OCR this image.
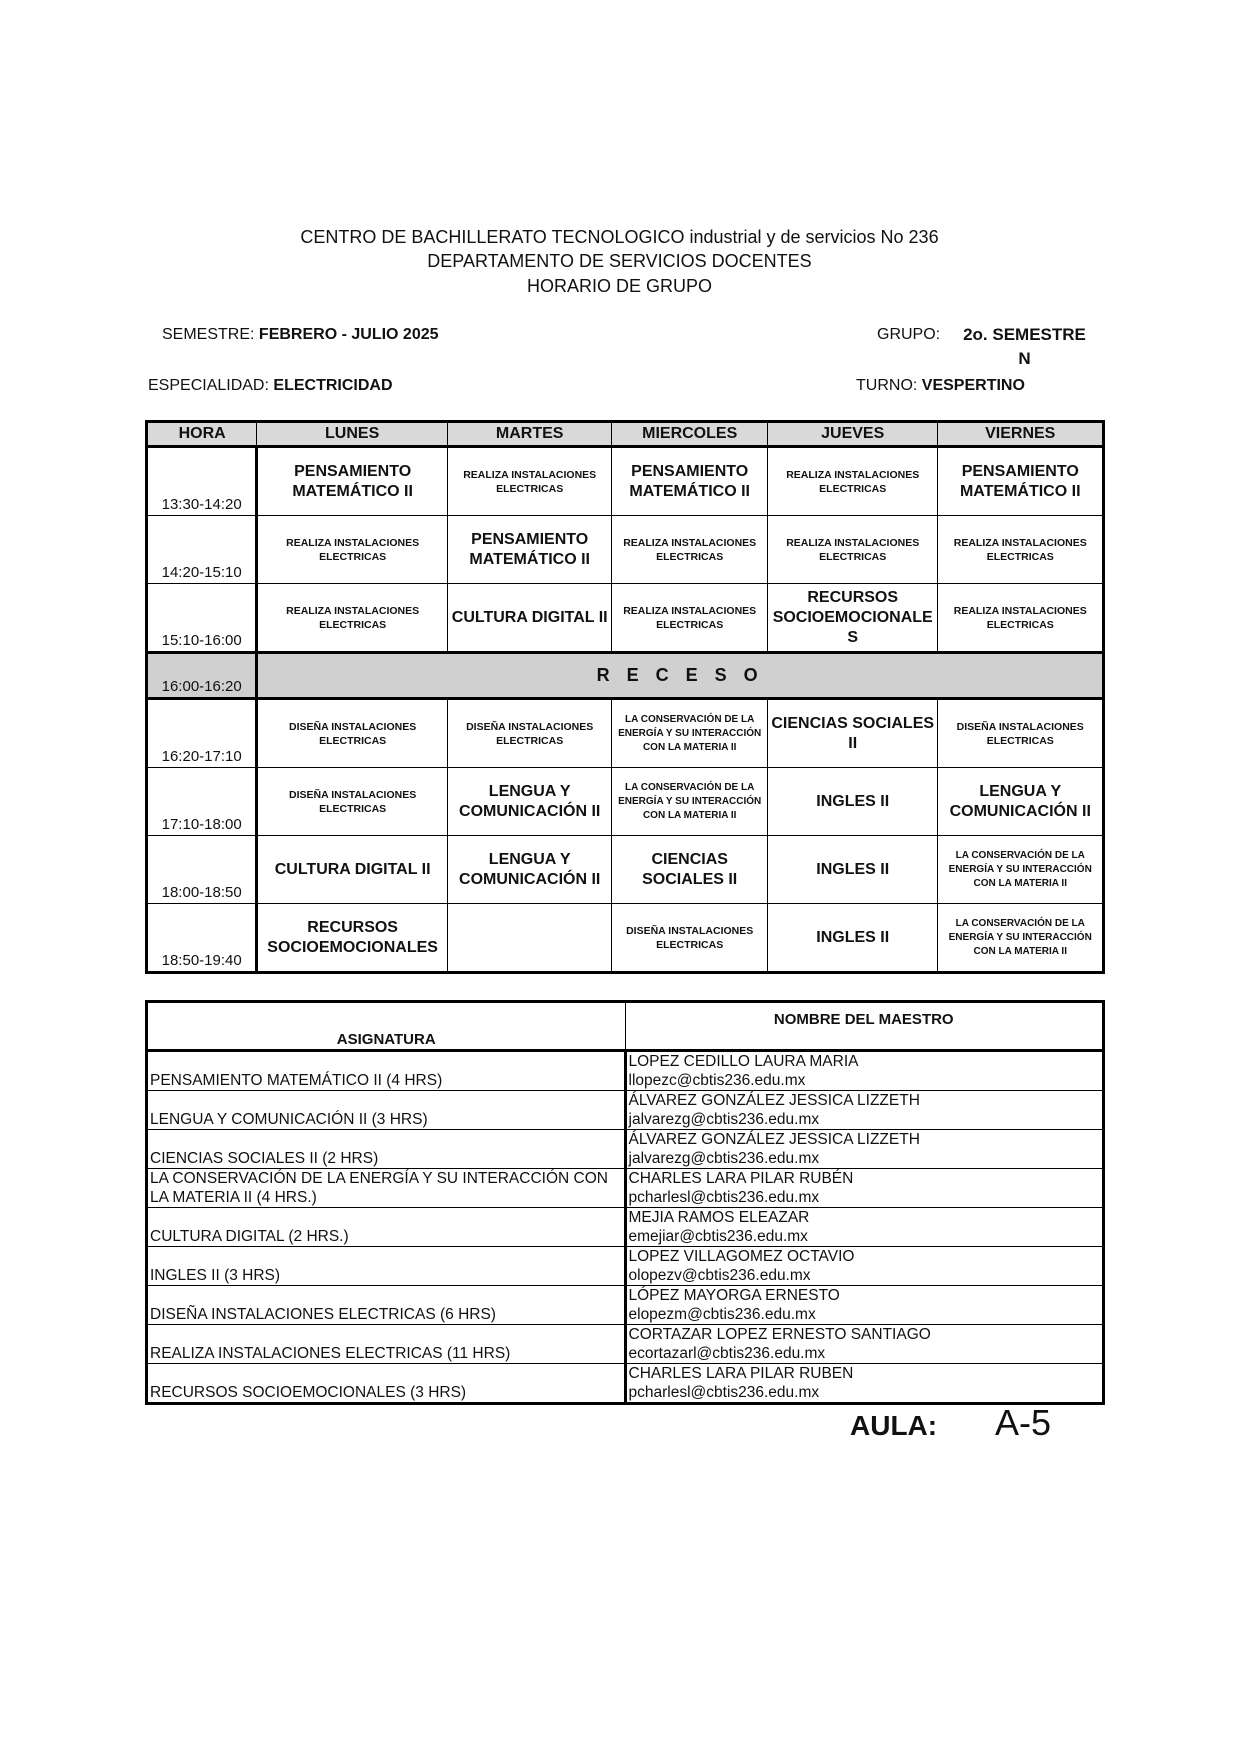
CENTRO DE BACHILLERATO TECNOLOGICO industrial y de servicios No 236
DEPARTAMENTO DE SERVICIOS DOCENTES
HORARIO DE GRUPO
SEMESTRE: FEBRERO - JULIO 2025	GRUPO:	2o. SEMESTRE N
ESPECIALIDAD: ELECTRICIDAD	TURNO: VESPERTINO
HORA	LUNES	MARTES	MIERCOLES	JUEVES	VIERNES
13:30-14:20	PENSAMIENTO MATEMÁTICO II	REALIZA INSTALACIONES ELECTRICAS	PENSAMIENTO MATEMÁTICO II	REALIZA INSTALACIONES ELECTRICAS	PENSAMIENTO MATEMÁTICO II
14:20-15:10	REALIZA INSTALACIONES ELECTRICAS	PENSAMIENTO MATEMÁTICO II	REALIZA INSTALACIONES ELECTRICAS	REALIZA INSTALACIONES ELECTRICAS	REALIZA INSTALACIONES ELECTRICAS
15:10-16:00	REALIZA INSTALACIONES ELECTRICAS	CULTURA DIGITAL II	REALIZA INSTALACIONES ELECTRICAS	RECURSOS SOCIOEMOCIONALE S	REALIZA INSTALACIONES ELECTRICAS
16:00-16:20	R E C E S O				
16:20-17:10	DISEÑA INSTALACIONES ELECTRICAS	DISEÑA INSTALACIONES ELECTRICAS	LA CONSERVACIÓN DE LA ENERGÍA Y SU INTERACCIÓN CON LA MATERIA II	CIENCIAS SOCIALES II	DISEÑA INSTALACIONES ELECTRICAS
17:10-18:00	DISEÑA INSTALACIONES ELECTRICAS	LENGUA Y COMUNICACIÓN II	LA CONSERVACIÓN DE LA ENERGÍA Y SU INTERACCIÓN CON LA MATERIA II	INGLES II	LENGUA Y COMUNICACIÓN II
18:00-18:50	CULTURA DIGITAL II	LENGUA Y COMUNICACIÓN II	CIENCIAS SOCIALES II	INGLES II	LA CONSERVACIÓN DE LA ENERGÍA Y SU INTERACCIÓN CON LA MATERIA II
18:50-19:40	RECURSOS SOCIOEMOCIONALES		DISEÑA INSTALACIONES ELECTRICAS	INGLES II	LA CONSERVACIÓN DE LA ENERGÍA Y SU INTERACCIÓN CON LA MATERIA II
ASIGNATURA	NOMBRE DEL MAESTRO
PENSAMIENTO MATEMÁTICO II (4 HRS)	LOPEZ CEDILLO LAURA MARIA
llopezc@cbtis236.edu.mx

LENGUA Y COMUNICACIÓN II (3 HRS)	ÁLVAREZ GONZÁLEZ JESSICA LIZZETH
jalvarezg@cbtis236.edu.mx

CIENCIAS SOCIALES II (2 HRS)	ÁLVAREZ GONZÁLEZ JESSICA LIZZETH
jalvarezg@cbtis236.edu.mx

LA CONSERVACIÓN DE LA ENERGÍA Y SU INTERACCIÓN CON LA MATERIA II (4 HRS.)	CHARLES LARA PILAR RUBÉN
pcharlesl@cbtis236.edu.mx

CULTURA DIGITAL (2 HRS.)	MEJIA RAMOS ELEAZAR
emejiar@cbtis236.edu.mx

INGLES II (3 HRS)	LOPEZ VILLAGOMEZ OCTAVIO
olopezv@cbtis236.edu.mx

DISEÑA INSTALACIONES ELECTRICAS (6 HRS)	LÓPEZ MAYORGA ERNESTO
elopezm@cbtis236.edu.mx

REALIZA INSTALACIONES ELECTRICAS (11 HRS)	CORTAZAR LOPEZ ERNESTO SANTIAGO
ecortazarl@cbtis236.edu.mx

RECURSOS SOCIOEMOCIONALES (3 HRS)	CHARLES LARA PILAR RUBEN
pcharlesl@cbtis236.edu.mx
AULA: A-5
